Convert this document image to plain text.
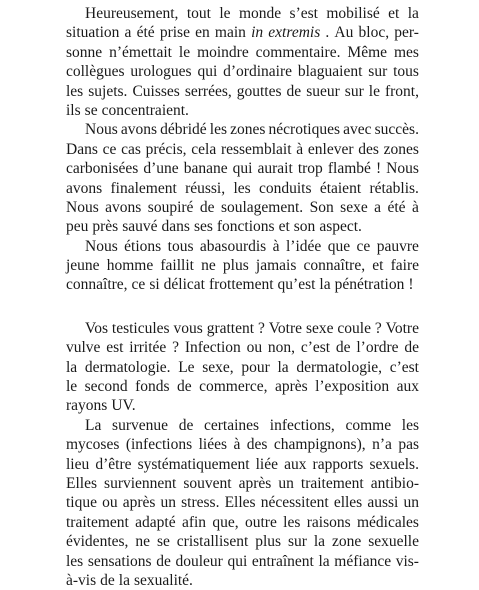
Heureusement, tout le monde s’est mobilisé et la
situation a été prise en main in extremis . Au bloc, per-
sonne n’émettait le moindre commentaire. Même mes
collègues urologues qui d’ordinaire blaguaient sur tous
les sujets. Cuisses serrées, gouttes de sueur sur le front,
ils se concentraient.
Nous avons débridé les zones nécrotiques avec succès.
Dans ce cas précis, cela ressemblait à enlever des zones
carbonisées d’une banane qui aurait trop flambé ! Nous
avons finalement réussi, les conduits étaient rétablis.
Nous avons soupiré de soulagement. Son sexe a été à
peu près sauvé dans ses fonctions et son aspect.
Nous étions tous abasourdis à l’idée que ce pauvre
jeune homme faillit ne plus jamais connaître, et faire
connaître, ce si délicat frottement qu’est la pénétration !
Vos testicules vous grattent ? Votre sexe coule ? Votre
vulve est irritée ? Infection ou non, c’est de l’ordre de
la dermatologie. Le sexe, pour la dermatologie, c’est
le second fonds de commerce, après l’exposition aux
rayons UV.
La survenue de certaines infections, comme les
mycoses (infections liées à des champignons), n’a pas
lieu d’être systématiquement liée aux rapports sexuels.
Elles surviennent souvent après un traitement antibio-
tique ou après un stress. Elles nécessitent elles aussi un
traitement adapté afin que, outre les raisons médicales
évidentes, ne se cristallisent plus sur la zone sexuelle
les sensations de douleur qui entraînent la méfiance vis-
à-vis de la sexualité.
